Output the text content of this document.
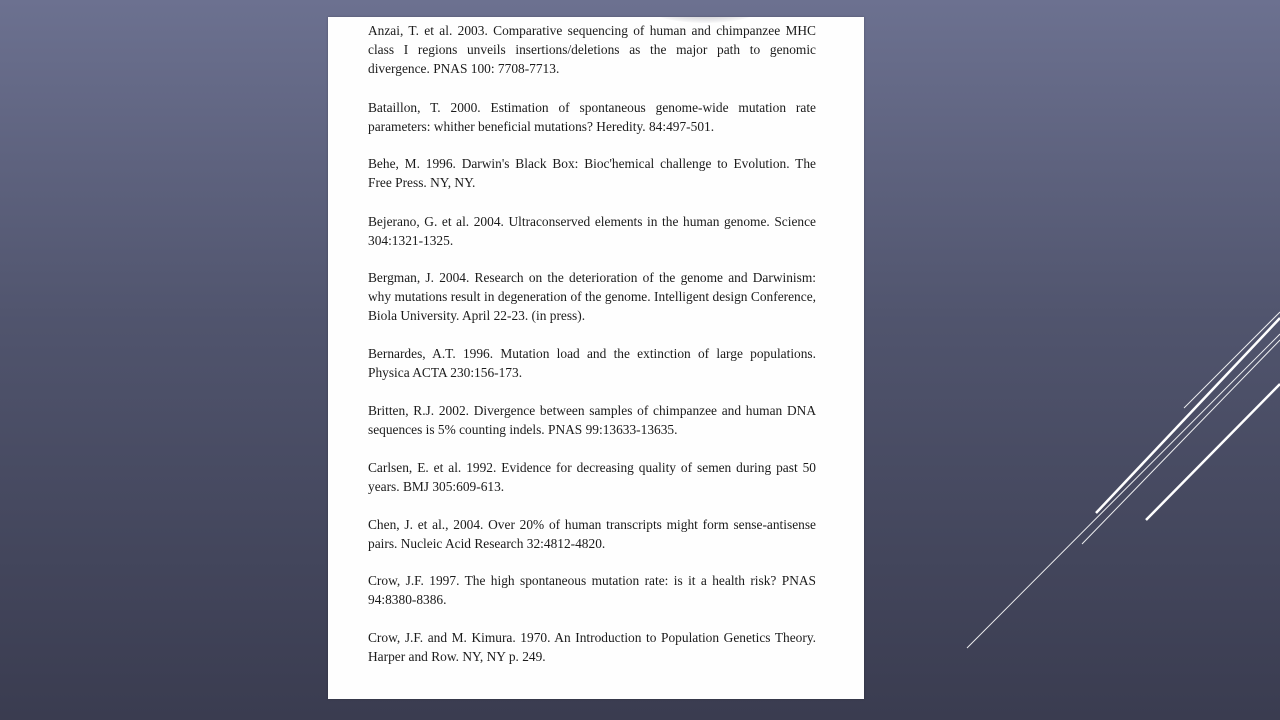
Anzai, T. et al. 2003. Comparative sequencing of human and chimpanzee MHC class I regions unveils insertions/deletions as the major path to genomic divergence. PNAS 100: 7708-7713.

Bataillon, T. 2000. Estimation of spontaneous genome-wide mutation rate parameters: whither beneficial mutations? Heredity. 84:497-501.

Behe, M. 1996. Darwin's Black Box: Bioc'hemical challenge to Evolution. The Free Press. NY, NY.

Bejerano, G. et al. 2004. Ultraconserved elements in the human genome. Science 304:1321-1325.

Bergman, J. 2004. Research on the deterioration of the genome and Darwinism: why mutations result in degeneration of the genome. Intelligent design Conference, Biola University. April 22-23. (in press).

Bernardes, A.T. 1996. Mutation load and the extinction of large populations. Physica ACTA 230:156-173.

Britten, R.J. 2002. Divergence between samples of chimpanzee and human DNA sequences is 5% counting indels. PNAS 99:13633-13635.

Carlsen, E. et al. 1992. Evidence for decreasing quality of semen during past 50 years. BMJ 305:609-613.

Chen, J. et al., 2004. Over 20% of human transcripts might form sense-antisense pairs. Nucleic Acid Research 32:4812-4820.

Crow, J.F. 1997. The high spontaneous mutation rate: is it a health risk? PNAS 94:8380-8386.

Crow, J.F. and M. Kimura. 1970. An Introduction to Population Genetics Theory. Harper and Row. NY, NY p. 249.
